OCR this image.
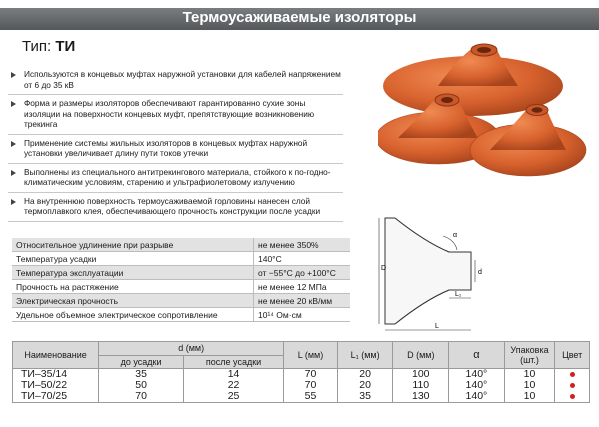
Термоусаживаемые изоляторы
Тип: ТИ
Используются в концевых муфтах наружной установки для кабелей напряжением от 6 до 35 кВ
Форма и размеры изоляторов обеспечивают гарантированно сухие зоны изоляции на поверхности концевых муфт, препятствующие возникновению трекинга
Применение системы жильных изоляторов в концевых муфтах наружной установки увеличивает длину пути токов утечки
Выполнены из специального антитрекингового материала, стойкого к по-годно-климатическим условиям, старению и ультрафиолетовому излучению
На внутреннюю поверхность термоусаживаемой горловины нанесен слой термоплавкого клея, обеспечивающего прочность конструкции после усадки
α
d
D
L₁
L
Относительное удлинение при разрыве	не менее 350%
Температура усадки	140°С
Температура эксплуатации	от −55°С до +100°С
Прочность на растяжение	не менее 12 МПа
Электрическая прочность	не менее 20 кВ/мм
Удельное объемное электрическое сопротивление	10¹⁴ Ом·см
Наименование	d (мм)		L (мм)	L₁ (мм)	D (мм)	α	Упаковка (шт.)	Цвет
	до усадки	после усадки						
ТИ–35/14	35	14	70	20	100	140°	10	
ТИ–50/22	50	22	70	20	110	140°	10	
ТИ–70/25	70	25	55	35	130	140°	10	
